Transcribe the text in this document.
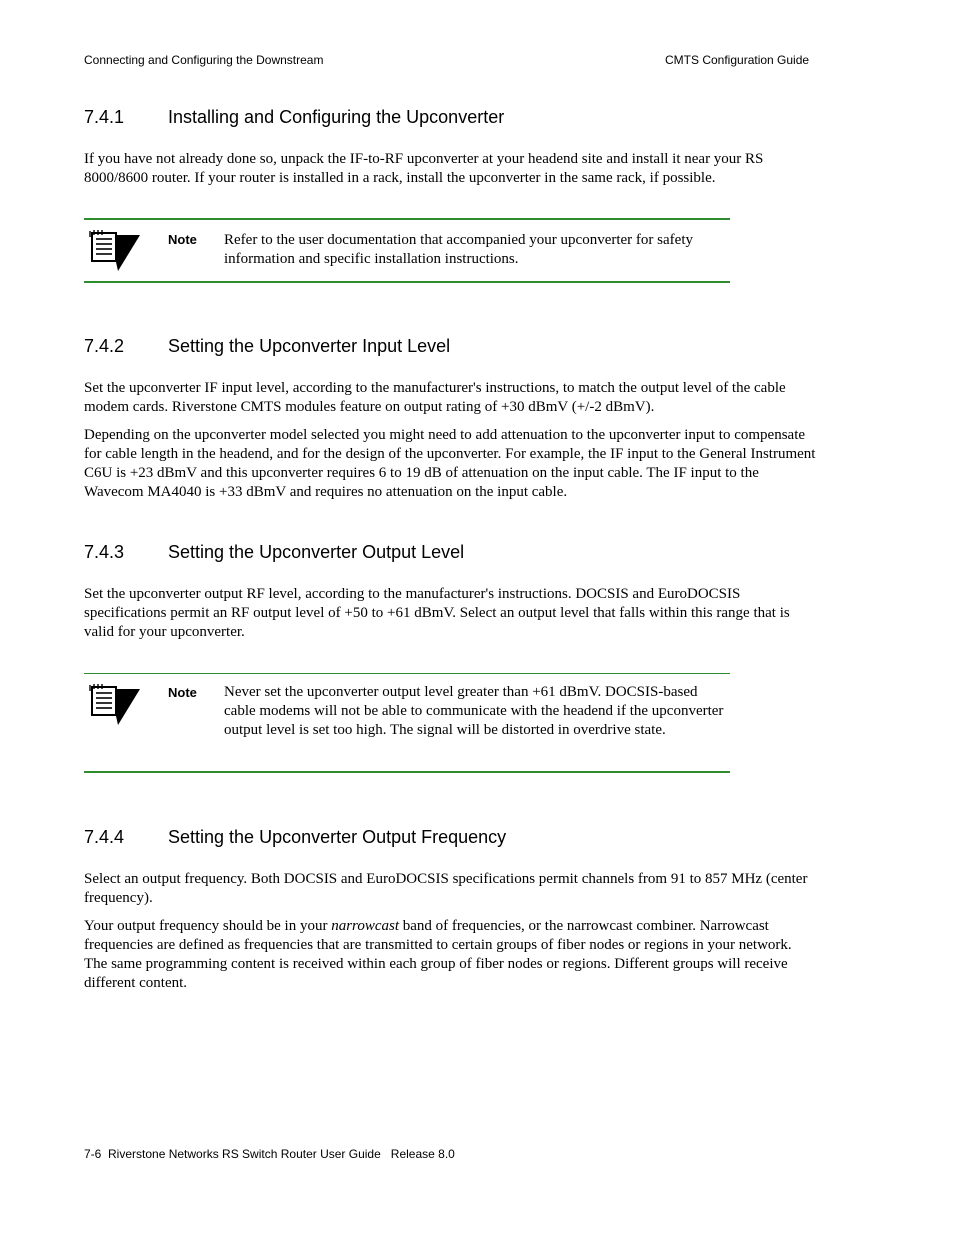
Connecting and Configuring the Downstream	CMTS Configuration Guide
7.4.1 Installing and Configuring the Upconverter

If you have not already done so, unpack the IF-to-RF upconverter at your headend site and install it near your RS 8000/8600 router. If your router is installed in a rack, install the upconverter in the same rack, if possible.

Note Refer to the user documentation that accompanied your upconverter for safety information and specific installation instructions.

7.4.2 Setting the Upconverter Input Level

Set the upconverter IF input level, according to the manufacturer's instructions, to match the output level of the cable modem cards. Riverstone CMTS modules feature on output rating of +30 dBmV (+/-2 dBmV).

Depending on the upconverter model selected you might need to add attenuation to the upconverter input to compensate for cable length in the headend, and for the design of the upconverter. For example, the IF input to the General Instrument C6U is +23 dBmV and this upconverter requires 6 to 19 dB of attenuation on the input cable. The IF input to the Wavecom MA4040 is +33 dBmV and requires no attenuation on the input cable.

7.4.3 Setting the Upconverter Output Level

Set the upconverter output RF level, according to the manufacturer's instructions. DOCSIS and EuroDOCSIS specifications permit an RF output level of +50 to +61 dBmV. Select an output level that falls within this range that is valid for your upconverter.

Note Never set the upconverter output level greater than +61 dBmV. DOCSIS-based cable modems will not be able to communicate with the headend if the upconverter output level is set too high. The signal will be distorted in overdrive state.

7.4.4 Setting the Upconverter Output Frequency

Select an output frequency. Both DOCSIS and EuroDOCSIS specifications permit channels from 91 to 857 MHz (center frequency).

Your output frequency should be in your narrowcast band of frequencies, or the narrowcast combiner. Narrowcast frequencies are defined as frequencies that are transmitted to certain groups of fiber nodes or regions in your network. The same programming content is received within each group of fiber nodes or regions. Different groups will receive different content.

7-6 Riverstone Networks RS Switch Router User Guide Release 8.0
